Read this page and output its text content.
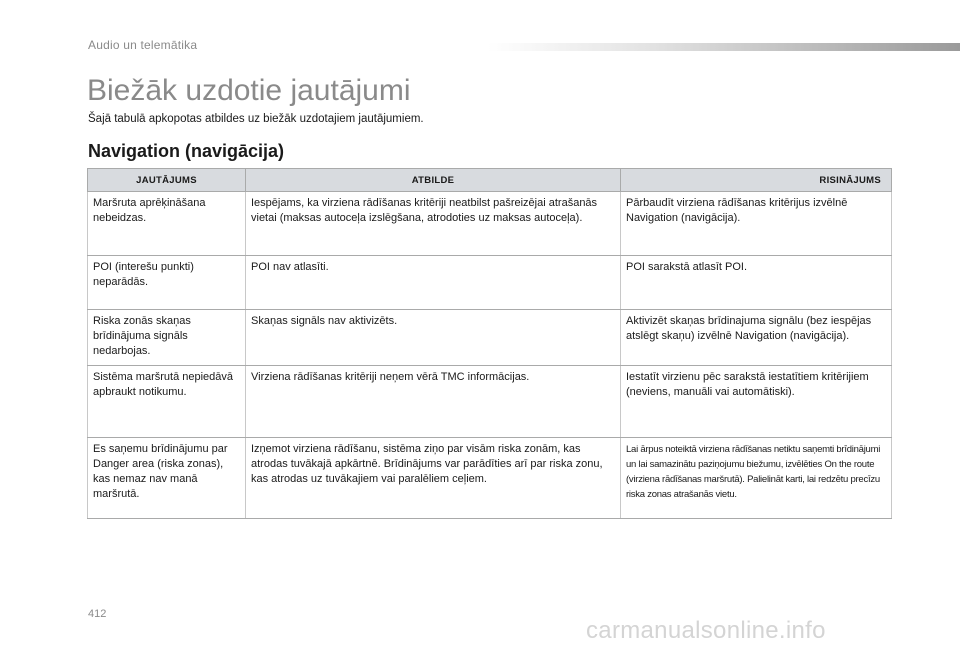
Audio un telemātika
Biežāk uzdotie jautājumi
Šajā tabulā apkopotas atbildes uz biežāk uzdotajiem jautājumiem.
Navigation (navigācija)
JAUTĀJUMS	ATBILDE	RISINĀJUMS
Maršruta aprēķināšana nebeidzas.	Iespējams, ka virziena rādīšanas kritēriji neatbilst pašreizējai atrašanās vietai (maksas autoceļa izslēgšana, atrodoties uz maksas autoceļa).	Pārbaudīt virziena rādīšanas kritērijus izvēlnē Navigation (navigācija).
POI (interešu punkti) neparādās.	POI nav atlasīti.	POI sarakstā atlasīt POI.
Riska zonās skaņas brīdinājuma signāls nedarbojas.	Skaņas signāls nav aktivizēts.	Aktivizēt skaņas brīdinajuma signālu (bez iespējas atslēgt skaņu) izvēlnē Navigation (navigācija).
Sistēma maršrutā nepiedāvā apbraukt notikumu.	Virziena rādīšanas kritēriji neņem vērā TMC informācijas.	Iestatīt virzienu pēc sarakstā iestatītiem kritērijiem (neviens, manuāli vai automātiski).
Es saņemu brīdinājumu par Danger area (riska zonas), kas nemaz nav manā maršrutā.	Izņemot virziena rādīšanu, sistēma ziņo par visām riska zonām, kas atrodas tuvākajā apkārtnē. Brīdinājums var parādīties arī par riska zonu, kas atrodas uz tuvākajiem vai paralēliem ceļiem.	Lai ārpus noteiktā virziena rādīšanas netiktu saņemti brīdinājumi un lai samazinātu paziņojumu biežumu, izvēlēties On the route (virziena rādīšanas maršrutā). Palielināt karti, lai redzētu precīzu riska zonas atrašanās vietu.
412
carmanualsonline.info
